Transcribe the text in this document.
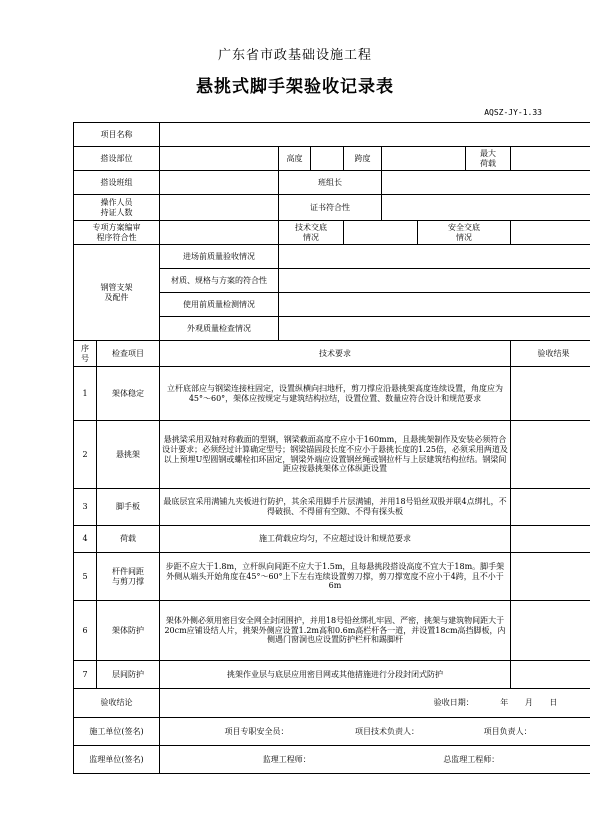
广东省市政基础设施工程
悬挑式脚手架验收记录表
AQSZ-JY-1.33
项目名称									
搭设部位			高度		跨度			最大
荷载	

搭设班组			班组长						

操作人员
持证人数			证书符合性						

专项方案编审
程序符合性			技术交底
情况				安全交底
情况		

钢管支架
及配件		进场前质量验收情况							
		材质、规格与方案的符合性							
		使用前质量检测情况							
		外观质量检查情况							

序
号	检查项目	技术要求							验收结果
1	架体稳定	立杆底部应与钢梁连接柱固定，设置纵横向扫地杆，剪刀撑应沿悬挑架高度连续设置，角度应为45°～60°，架体应按规定与建筑结构拉结，设置位置、数量应符合设计和规范要求							
2	悬挑架	悬挑梁采用双轴对称截面的型钢，钢梁截面高度不应小于160mm，且悬挑架制作及安装必须符合设计要求；必须经过计算确定型号；钢梁锚固段长度不应小于悬挑长度的1.25倍，必须采用两道及以上预埋U型圆钢或螺栓扣环固定，钢梁外端应设置钢丝绳或钢拉杆与上层建筑结构拉结。钢梁间距应按悬挑架体立体纵距设置							
3	脚手板	最底层宜采用满铺九夹板进行防护，其余采用脚手片层满铺，并用18号铅丝双股并联4点绑扎，不得破损、不得留有空隙、不得有探头板							
4	荷载	施工荷载应均匀，不应超过设计和规范要求							
5	杆件间距
与剪刀撑	步距不应大于1.8m，立杆纵向间距不应大于1.5m，且每悬挑段搭设高度不宜大于18m。脚手架外侧从端头开始角度在45°～60°上下左右连续设置剪刀撑，剪刀撑宽度不应小于4跨，且不小于6m							
6	架体防护	架体外侧必须用密目安全网全封闭围护，并用18号铅丝绑扎牢固、严密，挑架与建筑物间距大于20cm应铺设结人片，挑架外侧应设置1.2m高和0.6m高栏杆各一道，并设置18cm高挡脚板，内侧遇门窗洞也应设置防护栏杆和踢脚杆							
7	层间防护	挑架作业层与底层应用密目网或其他措施进行分段封闭式防护							
验收结论		验收日期： 年 月 日							
施工单位(签名)		项目专职安全员： 项目技术负责人： 项目负责人：							
监理单位(签名)		监理工程师： 总监理工程师：							
